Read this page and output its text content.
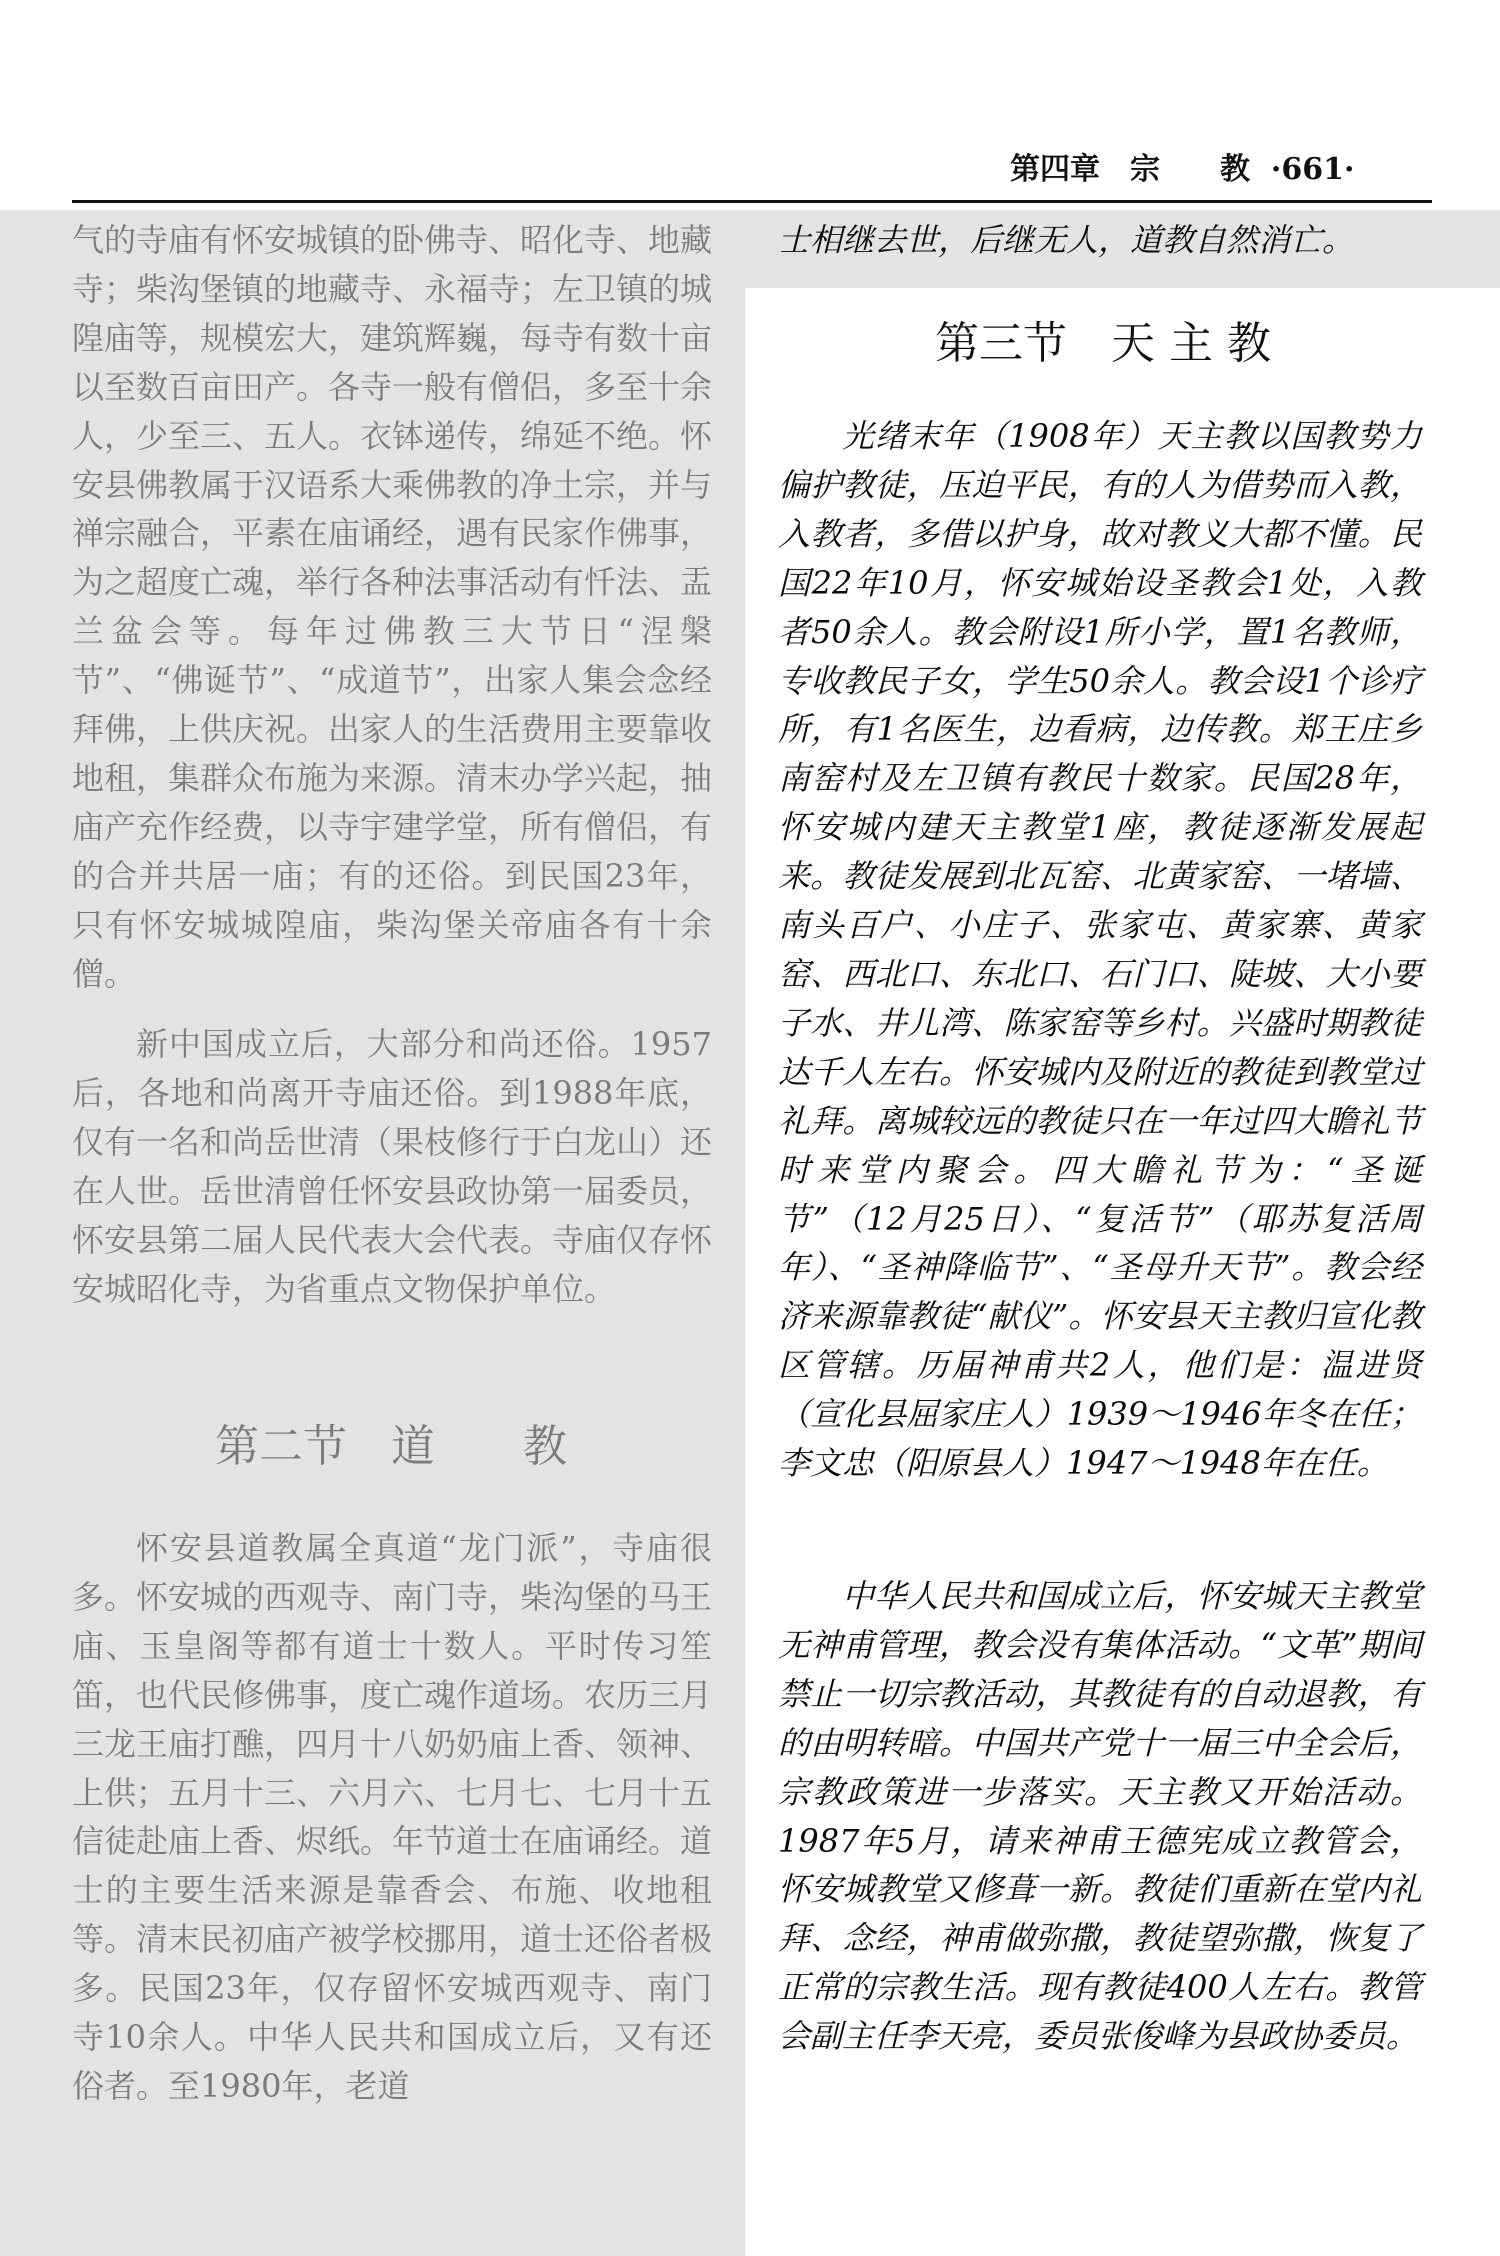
第四章　宗　　教 ·661·

气的寺庙有怀安城镇的卧佛寺、昭化寺、地藏寺；柴沟堡镇的地藏寺、永福寺；左卫镇的城隍庙等，规模宏大，建筑辉巍，每寺有数十亩以至数百亩田产。各寺一般有僧侣，多至十余人，少至三、五人。衣钵递传，绵延不绝。怀安县佛教属于汉语系大乘佛教的净土宗，并与禅宗融合，平素在庙诵经，遇有民家作佛事，为之超度亡魂，举行各种法事活动有忏法、盂兰盆会等。每年过佛教三大节日“涅槃节”、“佛诞节”、“成道节”，出家人集会念经拜佛，上供庆祝。出家人的生活费用主要靠收地租，集群众布施为来源。清末办学兴起，抽庙产充作经费，以寺宇建学堂，所有僧侣，有的合并共居一庙；有的还俗。到民国23年，只有怀安城城隍庙，柴沟堡关帝庙各有十余僧。

新中国成立后，大部分和尚还俗。1957后，各地和尚离开寺庙还俗。到1988年底，仅有一名和尚岳世清（果枝修行于白龙山）还在人世。岳世清曾任怀安县政协第一届委员，怀安县第二届人民代表大会代表。寺庙仅存怀安城昭化寺，为省重点文物保护单位。

第二节　道　　教

怀安县道教属全真道“龙门派”，寺庙很多。怀安城的西观寺、南门寺，柴沟堡的马王庙、玉皇阁等都有道士十数人。平时传习笙笛，也代民修佛事，度亡魂作道场。农历三月三龙王庙打醮，四月十八奶奶庙上香、领神、上供；五月十三、六月六、七月七、七月十五信徒赴庙上香、烬纸。年节道士在庙诵经。道士的主要生活来源是靠香会、布施、收地租等。清末民初庙产被学校挪用，道士还俗者极多。民国23年，仅存留怀安城西观寺、南门寺10余人。中华人民共和国成立后，又有还俗者。至1980年，老道

士相继去世，后继无人，道教自然消亡。

第三节　天 主 教

光绪末年（1908年）天主教以国教势力偏护教徒，压迫平民，有的人为借势而入教，入教者，多借以护身，故对教义大都不懂。民国22年10月，怀安城始设圣教会1处，入教者50余人。教会附设1所小学，置1名教师，专收教民子女，学生50余人。教会设1个诊疗所，有1名医生，边看病，边传教。郑王庄乡南窑村及左卫镇有教民十数家。民国28年，怀安城内建天主教堂1座，教徒逐渐发展起来。教徒发展到北瓦窑、北黄家窑、一堵墙、南头百户、小庄子、张家屯、黄家寨、黄家窑、西北口、东北口、石门口、陡坡、大小要子水、井儿湾、陈家窑等乡村。兴盛时期教徒达千人左右。怀安城内及附近的教徒到教堂过礼拜。离城较远的教徒只在一年过四大瞻礼节时来堂内聚会。四大瞻礼节为：“圣诞节”（12月25日）、“复活节”（耶苏复活周年）、“圣神降临节”、“圣母升天节”。教会经济来源靠教徒“献仪”。怀安县天主教归宣化教区管辖。历届神甫共2人，他们是：温进贤（宣化县屈家庄人）1939～1946年冬在任；李文忠（阳原县人）1947～1948年在任。

中华人民共和国成立后，怀安城天主教堂无神甫管理，教会没有集体活动。“文革”期间禁止一切宗教活动，其教徒有的自动退教，有的由明转暗。中国共产党十一届三中全会后，宗教政策进一步落实。天主教又开始活动。1987年5月，请来神甫王德宪成立教管会，怀安城教堂又修葺一新。教徒们重新在堂内礼拜、念经，神甫做弥撒，教徒望弥撒，恢复了正常的宗教生活。现有教徒400人左右。教管会副主任李天亮，委员张俊峰为县政协委员。
